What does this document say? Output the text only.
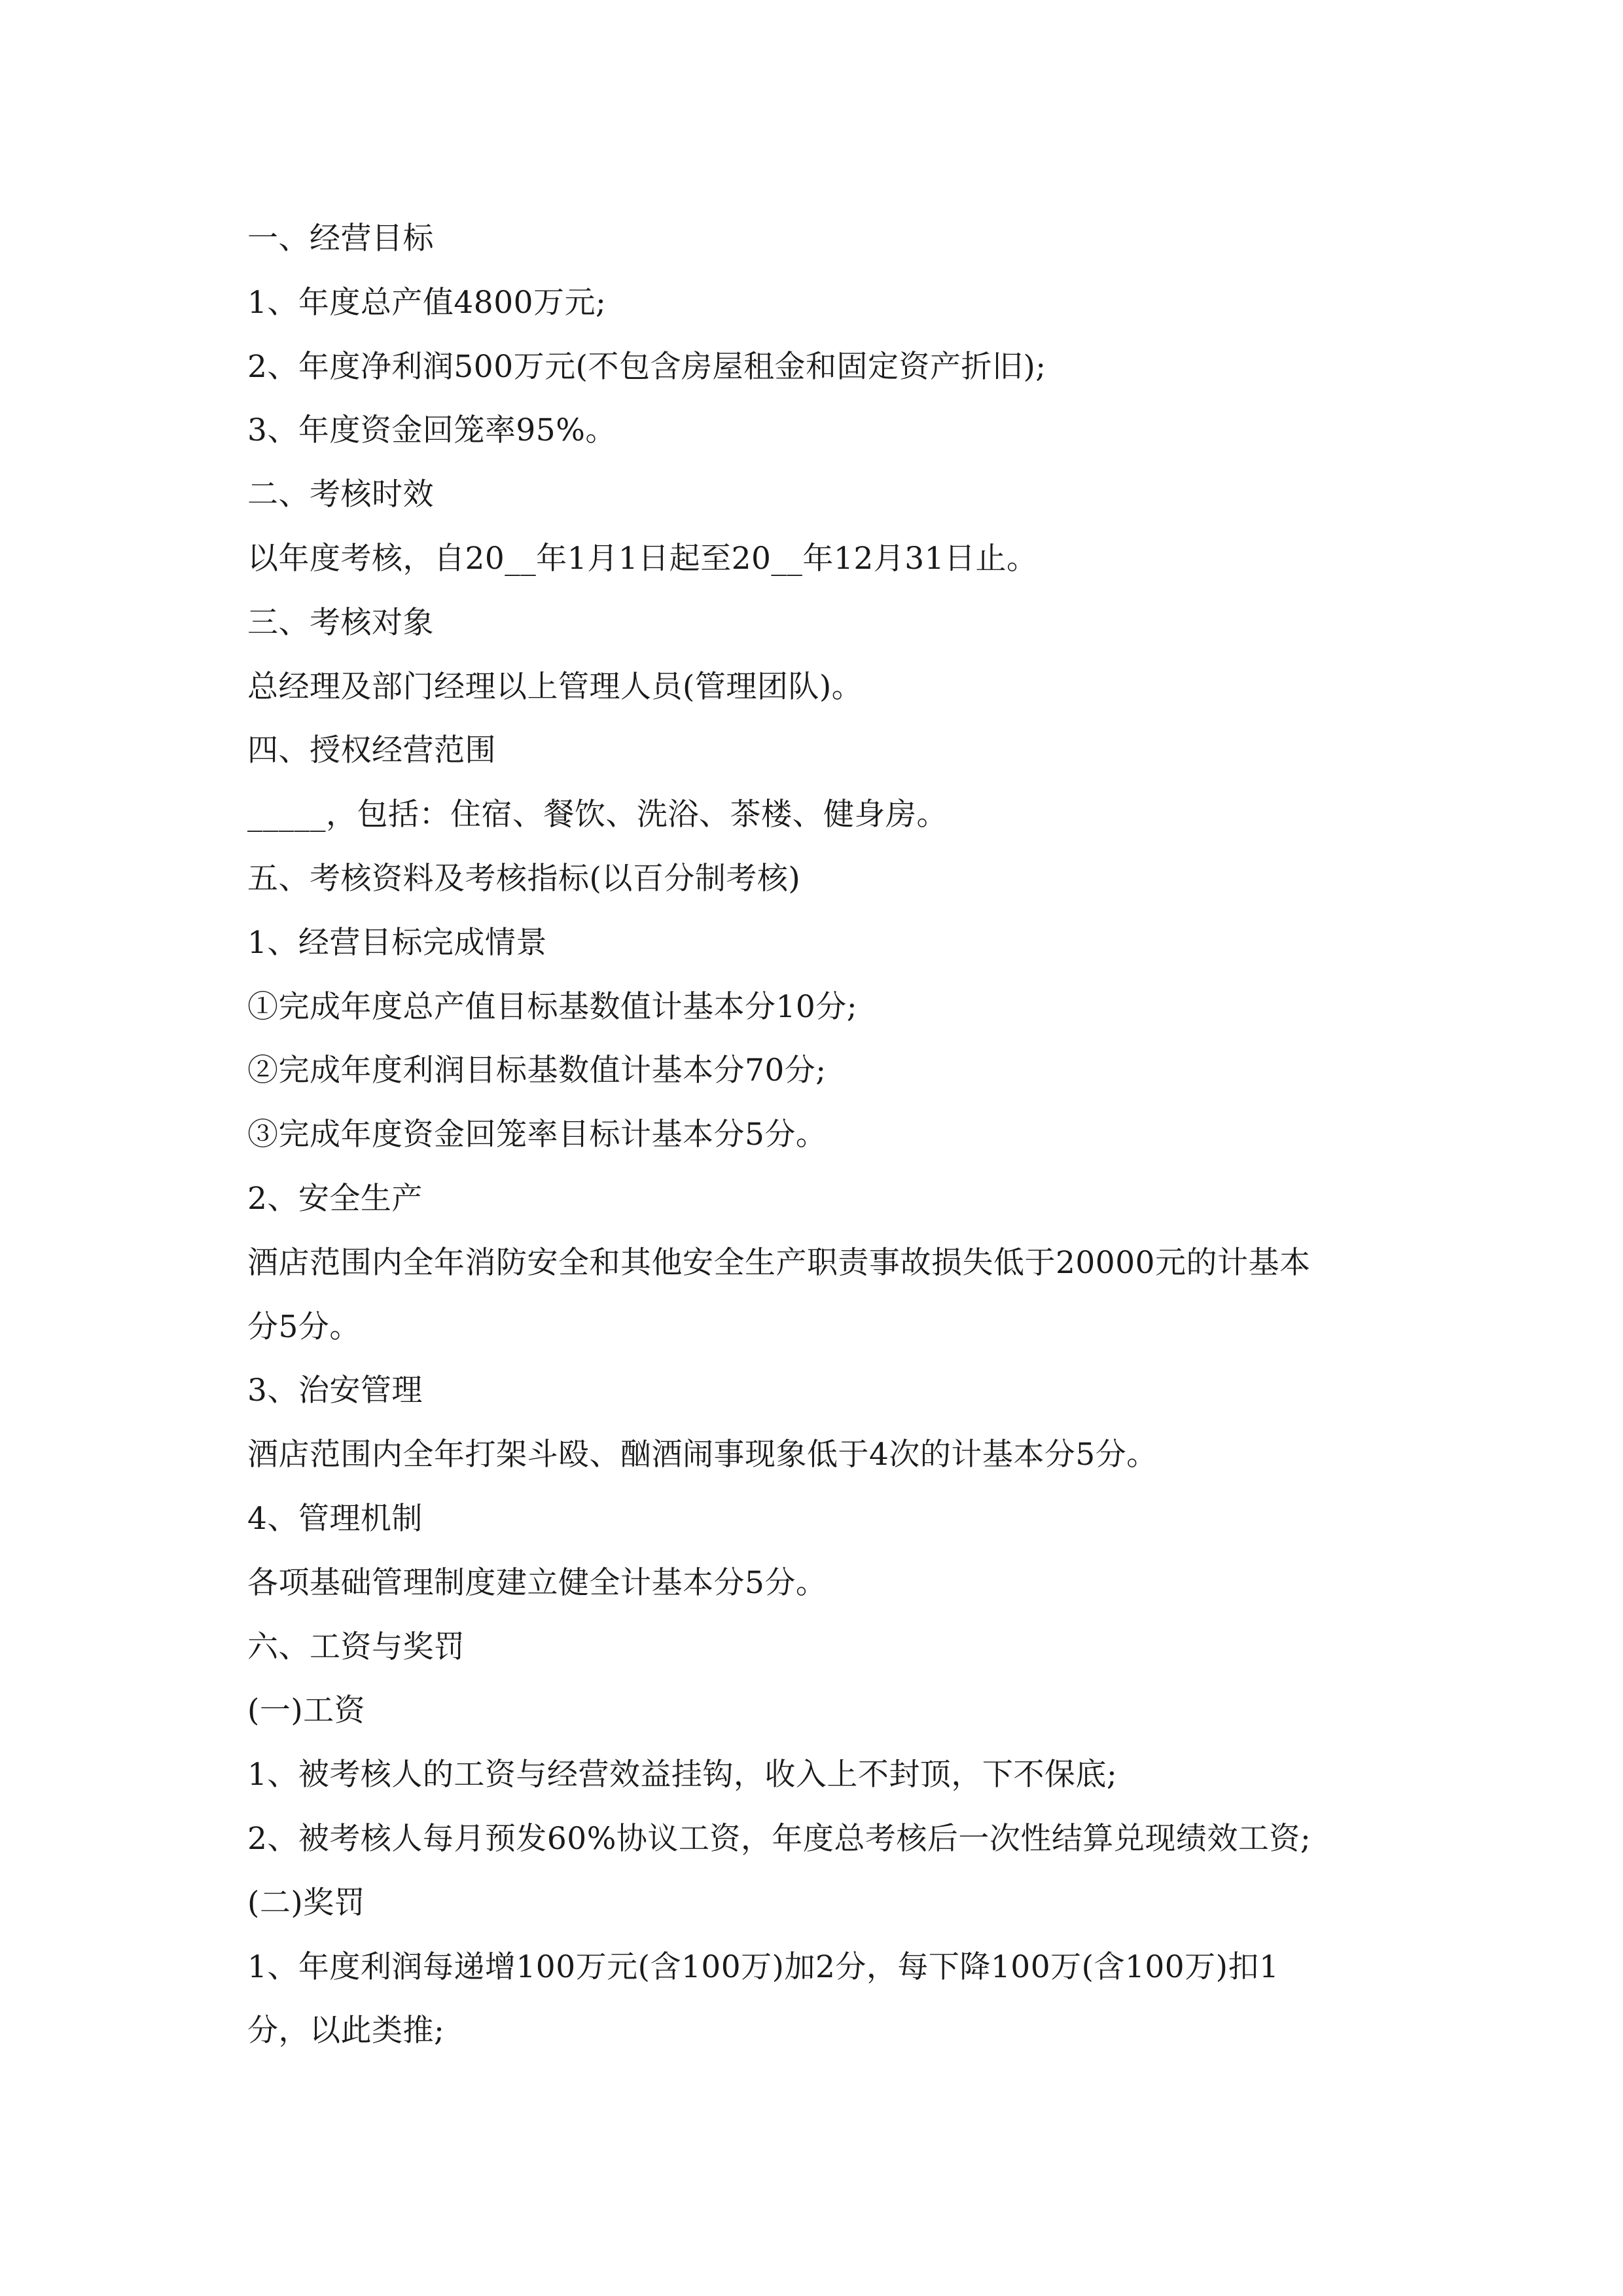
一、经营目标
1、年度总产值4800万元;
2、年度净利润500万元(不包含房屋租金和固定资产折旧);
3、年度资金回笼率95%。
二、考核时效
以年度考核，自20__年1月1日起至20__年12月31日止。
三、考核对象
总经理及部门经理以上管理人员(管理团队)。
四、授权经营范围
_____，包括：住宿、餐饮、洗浴、茶楼、健身房。
五、考核资料及考核指标(以百分制考核)
1、经营目标完成情景
①完成年度总产值目标基数值计基本分10分;
②完成年度利润目标基数值计基本分70分;
③完成年度资金回笼率目标计基本分5分。
2、安全生产
酒店范围内全年消防安全和其他安全生产职责事故损失低于20000元的计基本
分5分。
3、治安管理
酒店范围内全年打架斗殴、酗酒闹事现象低于4次的计基本分5分。
4、管理机制
各项基础管理制度建立健全计基本分5分。
六、工资与奖罚
(一)工资
1、被考核人的工资与经营效益挂钩，收入上不封顶，下不保底;
2、被考核人每月预发60%协议工资，年度总考核后一次性结算兑现绩效工资;
(二)奖罚
1、年度利润每递增100万元(含100万)加2分，每下降100万(含100万)扣1
分，以此类推;
